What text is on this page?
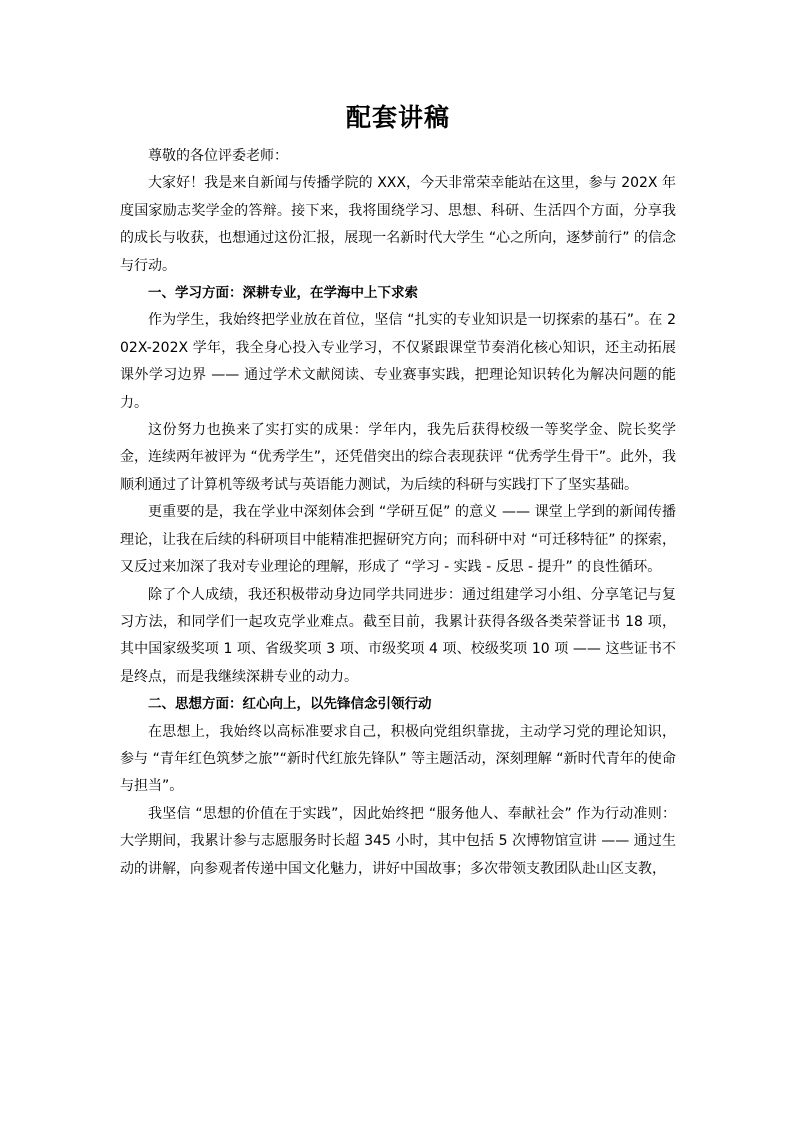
配套讲稿

尊敬的各位评委老师：

大家好！我是来自新闻与传播学院的 XXX，今天非常荣幸能站在这里，参与 202X 年度国家励志奖学金的答辩。接下来，我将围绕学习、思想、科研、生活四个方面，分享我的成长与收获，也想通过这份汇报，展现一名新时代大学生 “心之所向，逐梦前行” 的信念与行动。

一、学习方面：深耕专业，在学海中上下求索

作为学生，我始终把学业放在首位，坚信 “扎实的专业知识是一切探索的基石”。在 202X-202X 学年，我全身心投入专业学习，不仅紧跟课堂节奏消化核心知识，还主动拓展课外学习边界 —— 通过学术文献阅读、专业赛事实践，把理论知识转化为解决问题的能力。

这份努力也换来了实打实的成果：学年内，我先后获得校级一等奖学金、院长奖学金，连续两年被评为 “优秀学生”，还凭借突出的综合表现获评 “优秀学生骨干”。此外，我顺利通过了计算机等级考试与英语能力测试，为后续的科研与实践打下了坚实基础。

更重要的是，我在学业中深刻体会到 “学研互促” 的意义 —— 课堂上学到的新闻传播理论，让我在后续的科研项目中能精准把握研究方向；而科研中对 “可迁移特征” 的探索，又反过来加深了我对专业理论的理解，形成了 “学习 - 实践 - 反思 - 提升” 的良性循环。

除了个人成绩，我还积极带动身边同学共同进步：通过组建学习小组、分享笔记与复习方法，和同学们一起攻克学业难点。截至目前，我累计获得各级各类荣誉证书 18 项，其中国家级奖项 1 项、省级奖项 3 项、市级奖项 4 项、校级奖项 10 项 —— 这些证书不是终点，而是我继续深耕专业的动力。

二、思想方面：红心向上，以先锋信念引领行动

在思想上，我始终以高标准要求自己，积极向党组织靠拢，主动学习党的理论知识，参与 “青年红色筑梦之旅”“新时代红旅先锋队” 等主题活动，深刻理解 “新时代青年的使命与担当”。

我坚信 “思想的价值在于实践”，因此始终把 “服务他人、奉献社会” 作为行动准则：大学期间，我累计参与志愿服务时长超 345 小时，其中包括 5 次博物馆宣讲 —— 通过生动的讲解，向参观者传递中国文化魅力，讲好中国故事；多次带领支教团队赴山区支教，
